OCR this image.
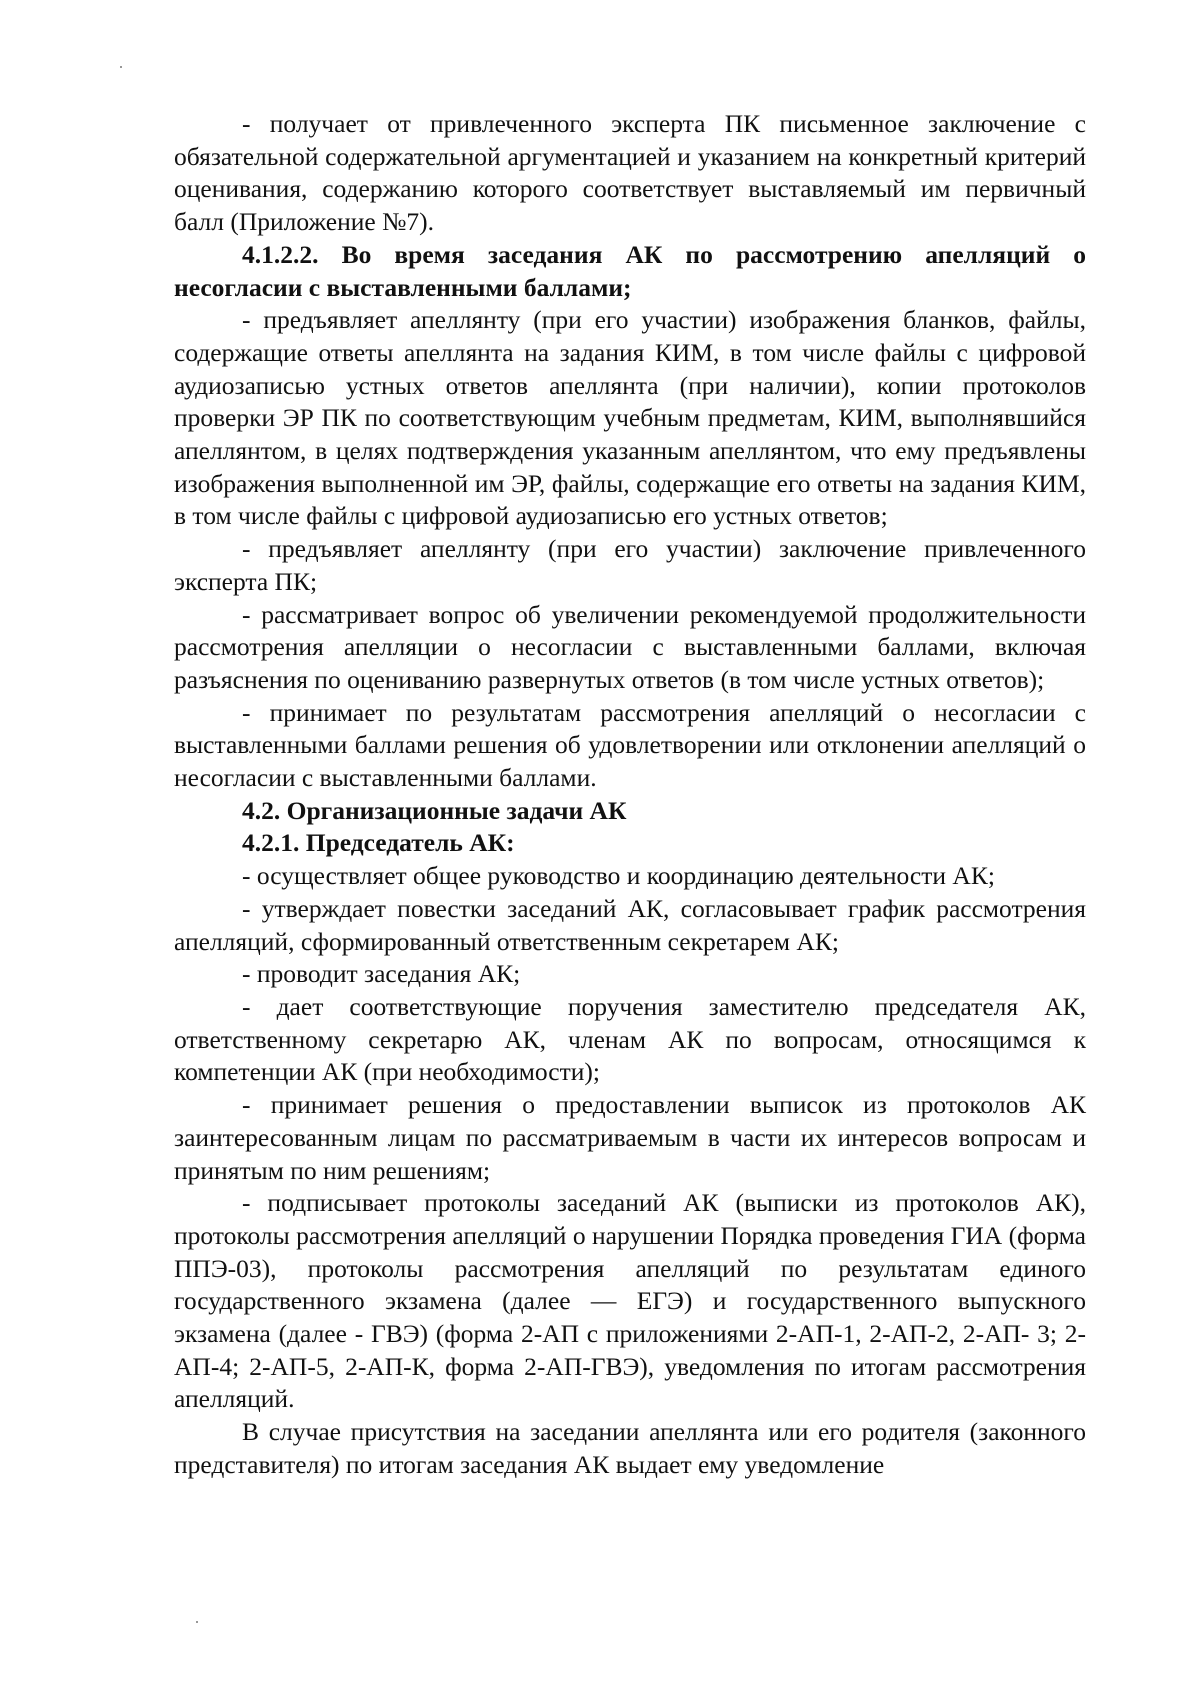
- получает от привлеченного эксперта ПК письменное заключение с обязательной содержательной аргументацией и указанием на конкретный критерий оценивания, содержанию которого соответствует выставляемый им первичный балл (Приложение №7).

4.1.2.2. Во время заседания АК по рассмотрению апелляций о несогласии с выставленными баллами;

- предъявляет апеллянту (при его участии) изображения бланков, файлы, содержащие ответы апеллянта на задания КИМ, в том числе файлы с цифровой аудиозаписью устных ответов апеллянта (при наличии), копии протоколов проверки ЭР ПК по соответствующим учебным предметам, КИМ, выполнявшийся апеллянтом, в целях подтверждения указанным апеллянтом, что ему предъявлены изображения выполненной им ЭР, файлы, содержащие его ответы на задания КИМ, в том числе файлы с цифровой аудиозаписью его устных ответов;

- предъявляет апеллянту (при его участии) заключение привлеченного эксперта ПК;

- рассматривает вопрос об увеличении рекомендуемой продолжительности рассмотрения апелляции о несогласии с выставленными баллами, включая разъяснения по оцениванию развернутых ответов (в том числе устных ответов);

- принимает по результатам рассмотрения апелляций о несогласии с выставленными баллами решения об удовлетворении или отклонении апелляций о несогласии с выставленными баллами.

4.2. Организационные задачи АК

4.2.1. Председатель АК:

- осуществляет общее руководство и координацию деятельности АК;

- утверждает повестки заседаний АК, согласовывает график рассмотрения апелляций, сформированный ответственным секретарем АК;

- проводит заседания АК;

- дает соответствующие поручения заместителю председателя АК, ответственному секретарю АК, членам АК по вопросам, относящимся к компетенции АК (при необходимости);

- принимает решения о предоставлении выписок из протоколов АК заинтересованным лицам по рассматриваемым в части их интересов вопросам и принятым по ним решениям;

- подписывает протоколы заседаний АК (выписки из протоколов АК), протоколы рассмотрения апелляций о нарушении Порядка проведения ГИА (форма ППЭ-03), протоколы рассмотрения апелляций по результатам единого государственного экзамена (далее — ЕГЭ) и государственного выпускного экзамена (далее - ГВЭ) (форма 2-АП с приложениями 2-АП-1, 2-АП-2, 2-АП- 3; 2-АП-4; 2-АП-5, 2-АП-К, форма 2-АП-ГВЭ), уведомления по итогам рассмотрения апелляций.

В случае присутствия на заседании апеллянта или его родителя (законного представителя) по итогам заседания АК выдает ему уведомление
